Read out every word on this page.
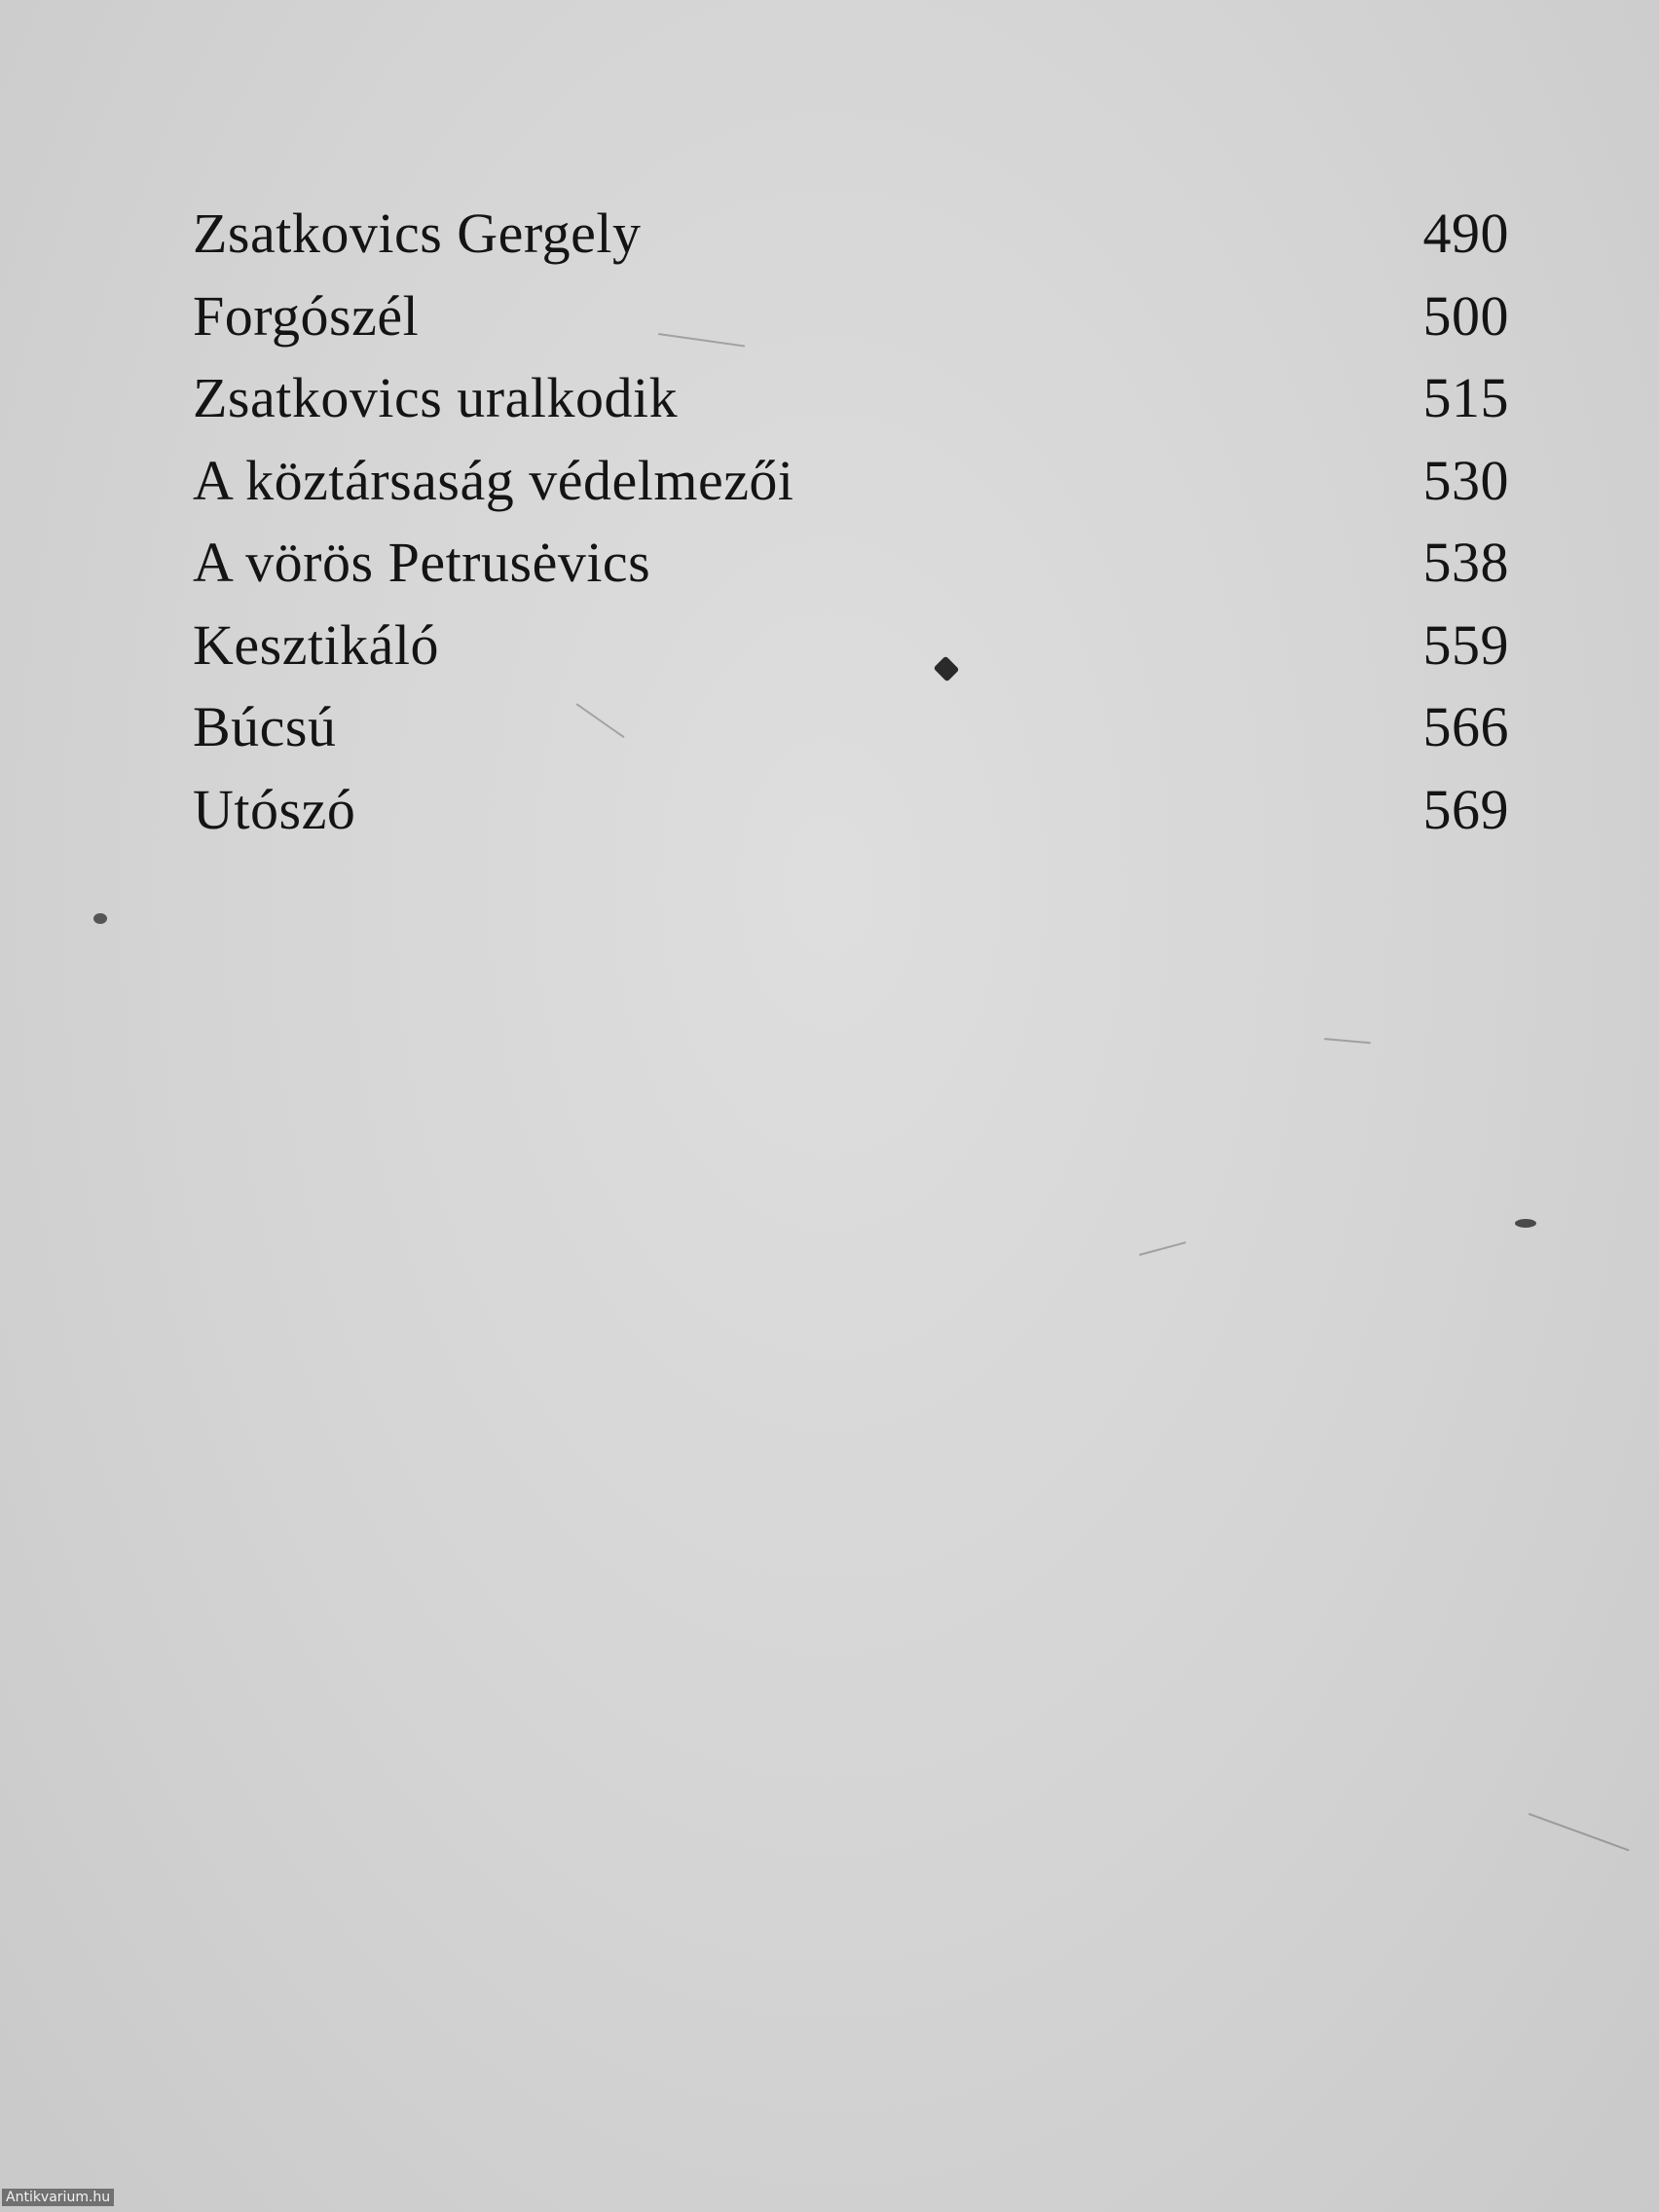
Zsatkovics Gergely	490
Forgószél	500
Zsatkovics uralkodik	515
A köztársaság védelmezői	530
A vörös Petrusėvics	538
Kesztikáló	559
Búcsú	566
Utószó	569
Antikvarium.hu
